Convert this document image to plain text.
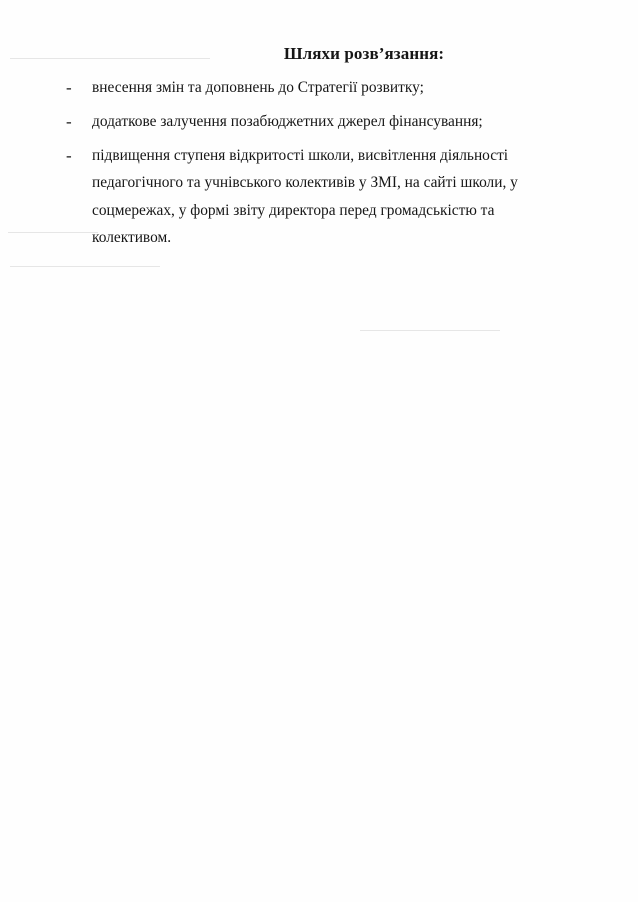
Шляхи розв’язання:
- внесення змін та доповнень до Стратегії розвитку;
- додаткове залучення позабюджетних джерел фінансування;
- підвищення ступеня відкритості школи, висвітлення діяльності
педагогічного та учнівського колективів у ЗМІ, на сайті школи, у
соцмережах, у формі звіту директора перед громадськістю та
колективом.
